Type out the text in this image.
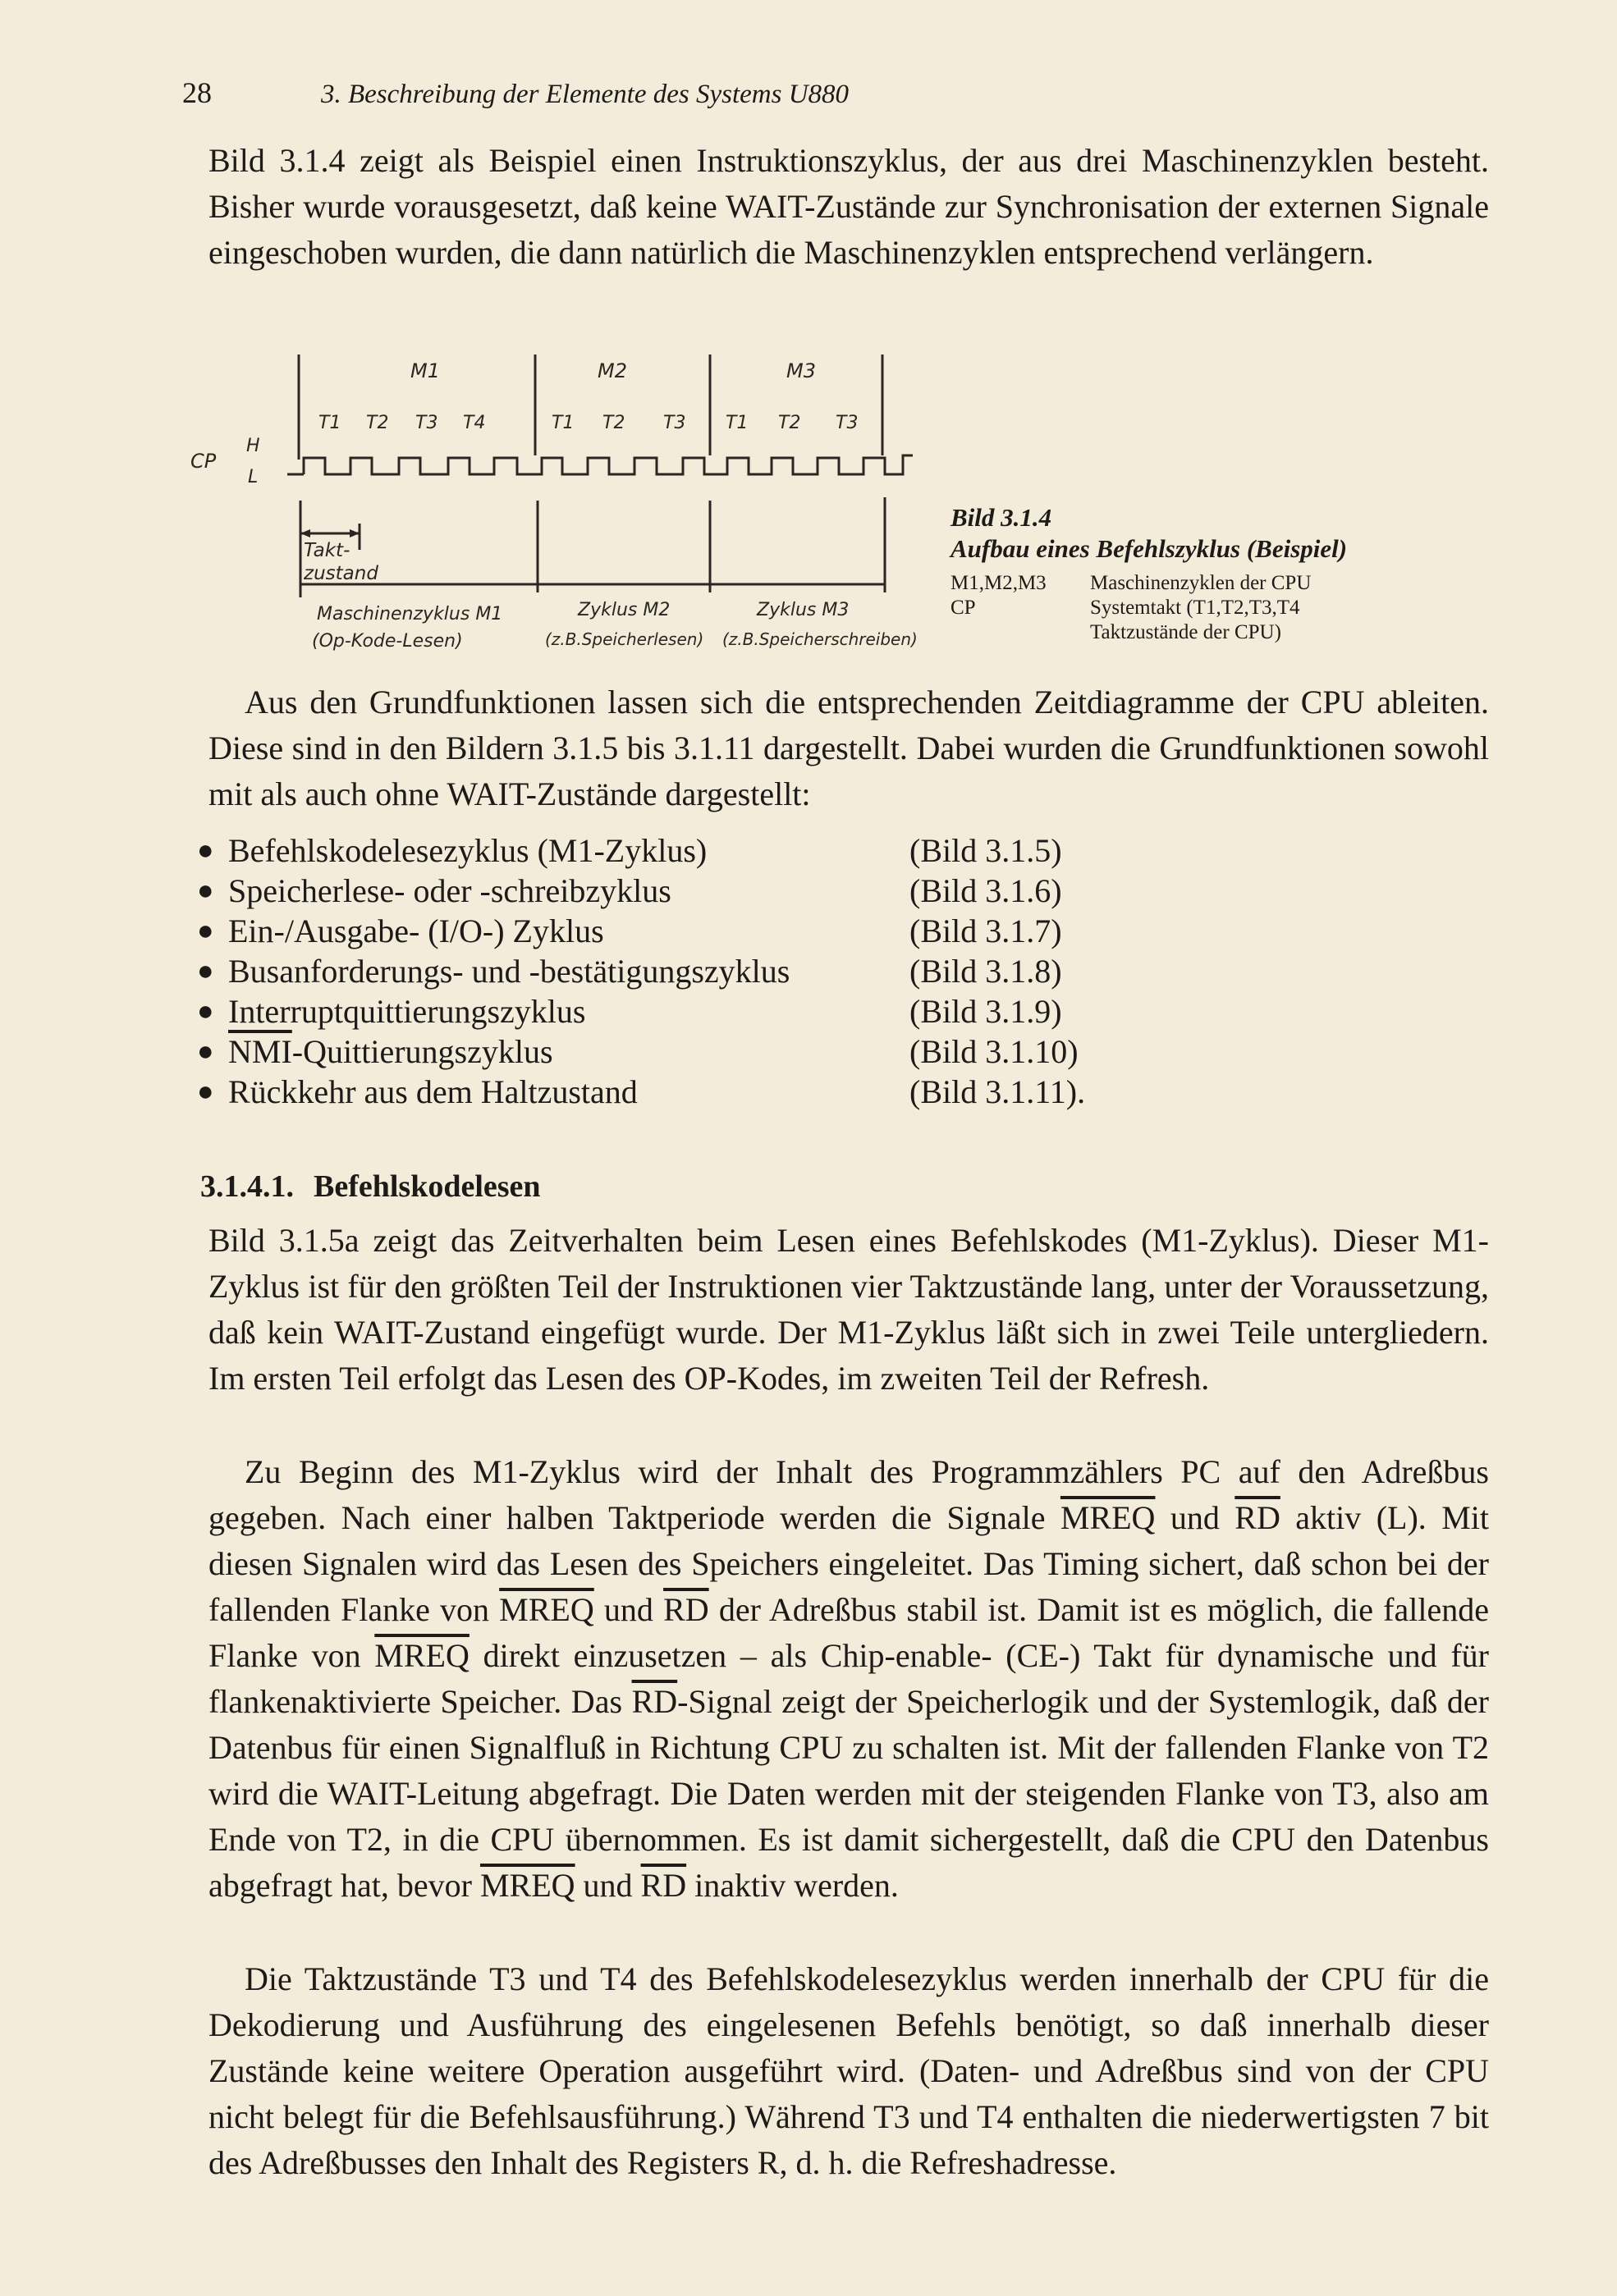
28	3. Beschreibung der Elemente des Systems U880

Bild 3.1.4 zeigt als Beispiel einen Instruktionszyklus, der aus drei Maschinenzyklen besteht. Bisher wurde vorausgesetzt, daß keine WAIT-Zustände zur Synchronisation der externen Signale eingeschoben wurden, die dann natürlich die Maschinenzyklen entsprechend verlängern.

M1	M2	M3
T1 T2 T3 T4	T1 T2 T3 T1 T2 T3
CP
H
L
Takt-
zustand
Maschinenzyklus M1
(Op-Kode-Lesen)
Zyklus M2
(z.B.Speicherlesen)
Zyklus M3
(z.B.Speicherschreiben)
Bild 3.1.4
Aufbau eines Befehlszyklus (Beispiel)
M1,M2,M3 Maschinenzyklen der CPU
CP	Systemtakt (T1,T2,T3,T4
Taktzustände der CPU)

Aus den Grundfunktionen lassen sich die entsprechenden Zeitdiagramme der CPU ableiten. Diese sind in den Bildern 3.1.5 bis 3.1.11 dargestellt. Dabei wurden die Grundfunktionen sowohl mit als auch ohne WAIT-Zustände dargestellt:

● Befehlskodelesezyklus (M1-Zyklus)	(Bild 3.1.5)
● Speicherlese- oder -schreibzyklus	(Bild 3.1.6)
● Ein-/Ausgabe- (I/O-) Zyklus	(Bild 3.1.7)
● Busanforderungs- und -bestätigungszyklus	(Bild 3.1.8)
● Interruptquittierungszyklus	(Bild 3.1.9)
● $\overline{NMI}$-Quittierungszyklus	(Bild 3.1.10)
● Rückkehr aus dem Haltzustand	(Bild 3.1.11).
3.1.4.1. Befehlskodelesen

Bild 3.1.5a zeigt das Zeitverhalten beim Lesen eines Befehlskodes (M1-Zyklus). Dieser M1-Zyklus ist für den größten Teil der Instruktionen vier Taktzustände lang, unter der Voraussetzung, daß kein WAIT-Zustand eingefügt wurde. Der M1-Zyklus läßt sich in zwei Teile untergliedern. Im ersten Teil erfolgt das Lesen des OP-Kodes, im zweiten Teil der Refresh.

Zu Beginn des M1-Zyklus wird der Inhalt des Programmzählers PC auf den Adreßbus gegeben. Nach einer halben Taktperiode werden die Signale MREQ und $\overline{RD}$ aktiv (L). Mit diesen Signalen wird das Lesen des Speichers eingeleitet. Das Timing sichert, daß schon bei der fallenden Flanke von MREQ und $\overline{RD}$ der Adreßbus stabil ist. Damit ist es möglich, die fallende Flanke von MREQ direkt einzusetzen – als Chip-enable- (CE-) Takt für dynamische und für flankenaktivierte Speicher. Das $\overline{RD}$-Signal zeigt der Speicherlogik und der Systemlogik, daß der Datenbus für einen Signalfluß in Richtung CPU zu schalten ist. Mit der fallenden Flanke von T2 wird die WAIT-Leitung abgefragt. Die Daten werden mit der steigenden Flanke von T3, also am Ende von T2, in die CPU übernommen. Es ist damit sichergestellt, daß die CPU den Datenbus abgefragt hat, bevor MREQ und $\overline{RD}$ inaktiv werden.

Die Taktzustände T3 und T4 des Befehlskodelesezyklus werden innerhalb der CPU für die Dekodierung und Ausführung des eingelesenen Befehls benötigt, so daß innerhalb dieser Zustände keine weitere Operation ausgeführt wird. (Daten- und Adreßbus sind von der CPU nicht belegt für die Befehlsausführung.) Während T3 und T4 enthalten die niederwertigsten 7 bit des Adreßbusses den Inhalt des Registers R, d. h. die Refreshadresse.
